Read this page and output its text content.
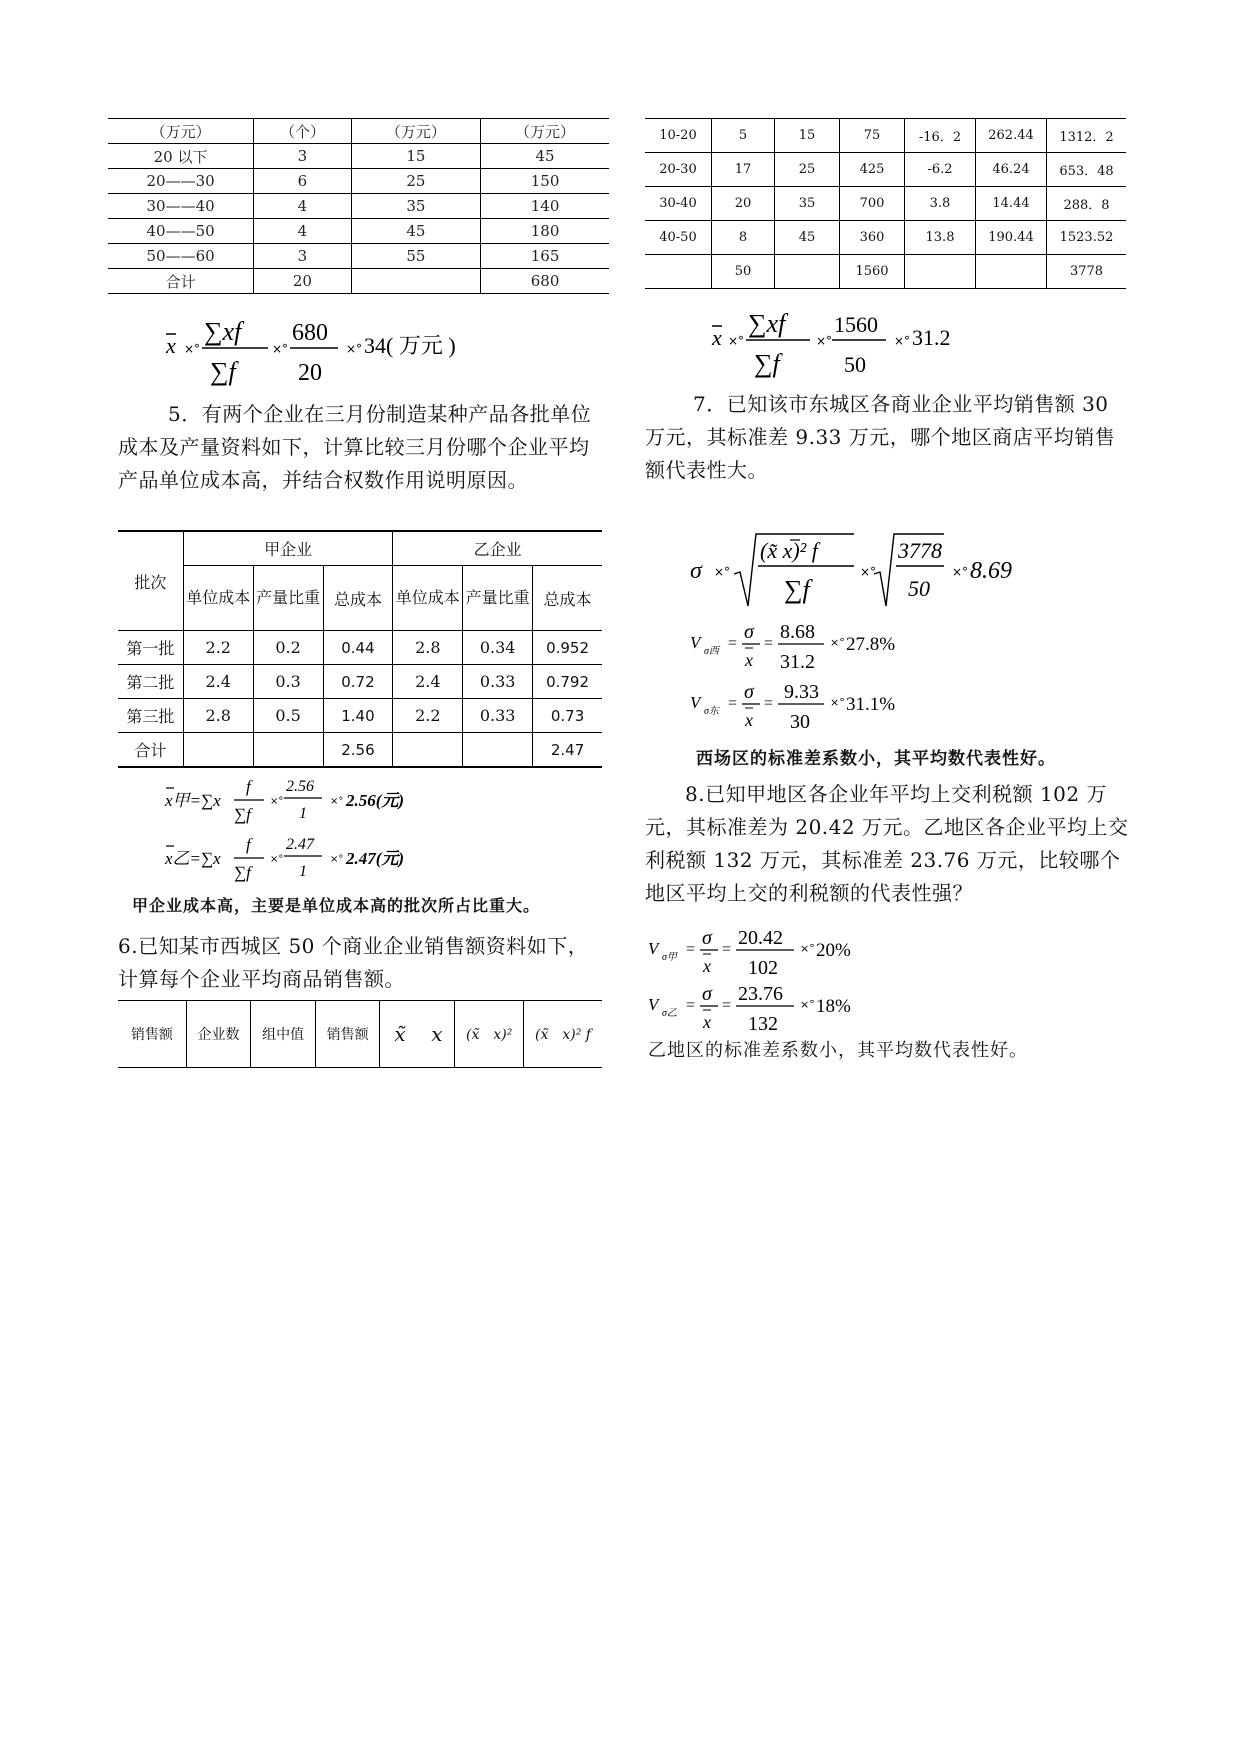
（万元）	（个）	（万元）	（万元）
20 以下	3	15	45
20——30	6	25	150
30——40	4	35	140
40——50	4	45	180
50——60	3	55	165
合计	20		680
x ×°
∑xf
∑f
×°
680
20
×° 34( 万元 )
5．有两个企业在三月份制造某种产品各批单位成本及产量资料如下，计算比较三月份哪个企业平均产品单位成本高，并结合权数作用说明原因。
批次	甲企业			乙企业		
	单位成本	产量比重	总成本	单位成本	产量比重	总成本
第一批	2.2	0.2	0.44	2.8	0.34	0.952
第二批	2.4	0.3	0.72	2.4	0.33	0.792
第三批	2.8	0.5	1.40	2.2	0.33	0.73
合计			2.56			2.47
x甲=∑x
f
∑f
×°
2.56
1
×° 2.56(元)
x乙=∑x
f
∑f
×°
2.47
1
×° 2.47(元)
甲企业成本高，主要是单位成本高的批次所占比重大。
6.已知某市西城区 50 个商业企业销售额资料如下，计算每个企业平均商品销售额。
销售额	企业数	组中值	销售额	x̃	x	(x̃　x)²	(x̃　x)² f
10-20	5	15	75	-16．2	262.44	1312．2
20-30	17	25	425	-6.2	46.24	653．48
30-40	20	35	700	3.8	14.44	288．8
40-50	8	45	360	13.8	190.44	1523.52
	50		1560			3778
x ×°
∑xf
∑f
×°
1560
50
×° 31.2
7．已知该市东城区各商业企业平均销售额 30 万元，其标准差 9.33 万元，哪个地区商店平均销售额代表性大。
σ ×°
(x̃ x)² f
∑f
×°
3778
50
×° 8.69
V σ西 =
σ
x
=
8.68
31.2
×° 27.8%
V σ东 =
σ
x
=
9.33
30
×° 31.1%
西场区的标准差系数小，其平均数代表性好。
8.已知甲地区各企业年平均上交利税额 102 万元，其标准差为 20.42 万元。乙地区各企业平均上交利税额 132 万元，其标准差 23.76 万元，比较哪个地区平均上交的利税额的代表性强？
V σ甲 =
σ
x
=
20.42
102
×° 20%
V σ乙 =
σ
x
=
23.76
132
×° 18%
乙地区的标准差系数小，其平均数代表性好。
